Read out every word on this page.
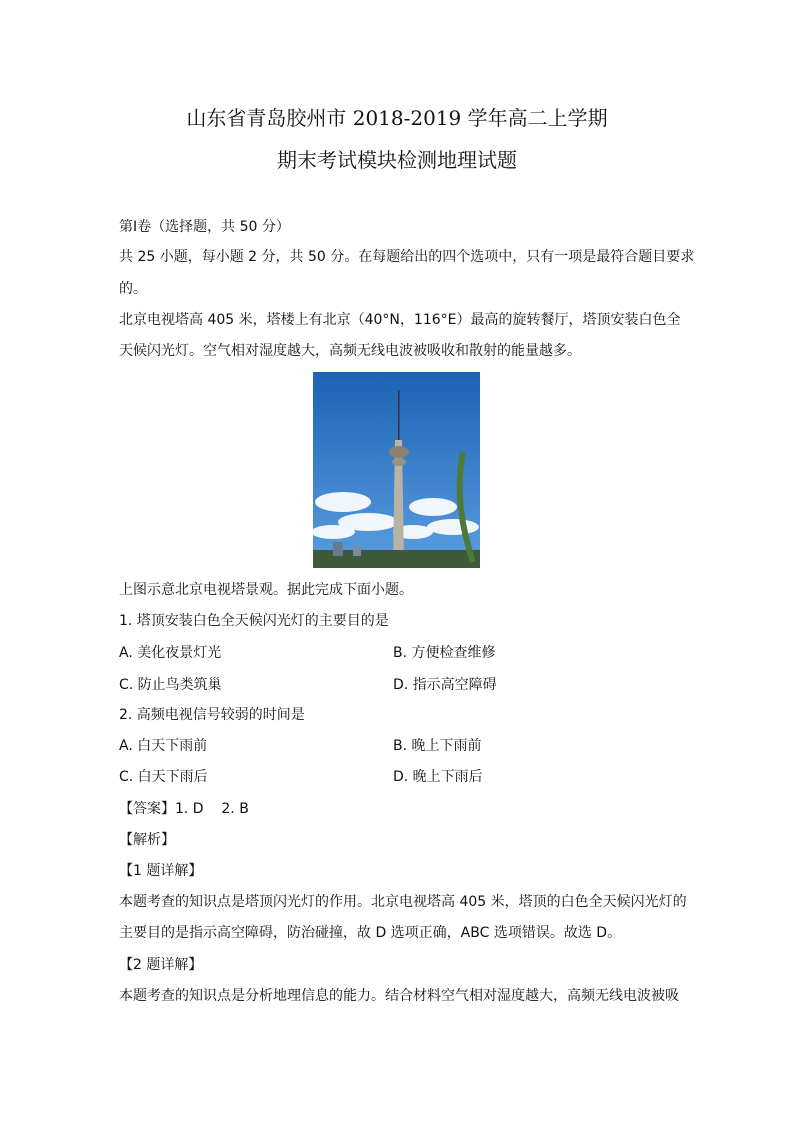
山东省青岛胶州市 2018-2019 学年高二上学期
期末考试模块检测地理试题
第Ⅰ卷（选择题，共 50 分）
共 25 小题，每小题 2 分，共 50 分。在每题给出的四个选项中，只有一项是最符合题目要求
的。
北京电视塔高 405 米，塔楼上有北京（40°N，116°E）最高的旋转餐厅，塔顶安装白色全
天候闪光灯。空气相对湿度越大，高频无线电波被吸收和散射的能量越多。
上图示意北京电视塔景观。据此完成下面小题。
1. 塔顶安装白色全天候闪光灯的主要目的是
A. 美化夜景灯光	B. 方便检查维修
C. 防止鸟类筑巢	D. 指示高空障碍
2. 高频电视信号较弱的时间是
A. 白天下雨前	B. 晚上下雨前
C. 白天下雨后	D. 晚上下雨后
【答案】1. D    2. B
【解析】
【1 题详解】
本题考查的知识点是塔顶闪光灯的作用。北京电视塔高 405 米，塔顶的白色全天候闪光灯的
主要目的是指示高空障碍，防治碰撞，故 D 选项正确，ABC 选项错误。故选 D。
【2 题详解】
本题考查的知识点是分析地理信息的能力。结合材料空气相对湿度越大，高频无线电波被吸
